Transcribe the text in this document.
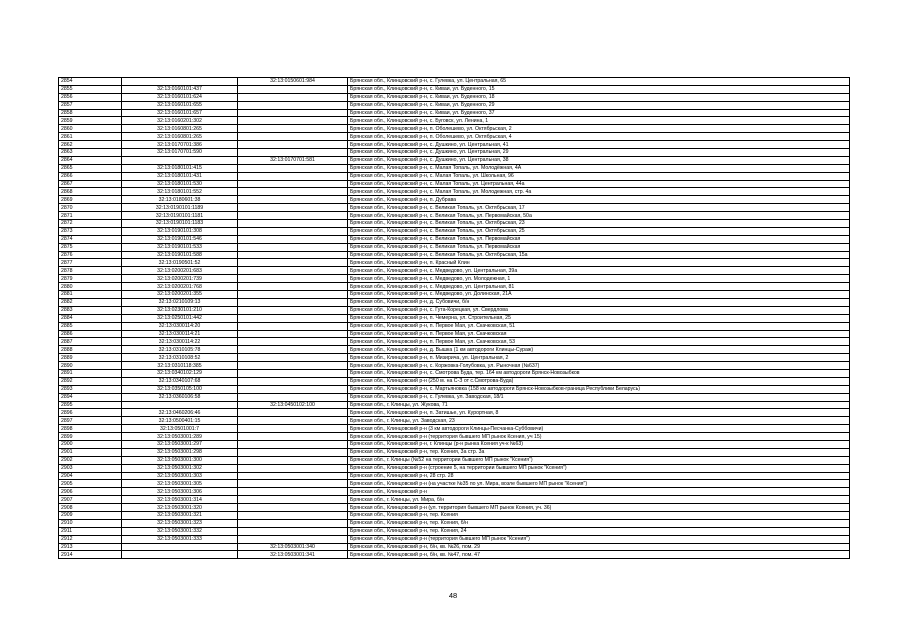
2854		32:13:0150601:984	Брянская обл., Клинцовский р-н, с. Гулевка, ул. Центральная, 65
2855	32:13:0160101:437		Брянская обл., Клинцовский р-н, с. Киваи, ул. Буденного, 15
2856	32:13:0160101:624		Брянская обл., Клинцовский р-н, с. Киваи, ул. Буденного, 18
2857	32:13:0160101:655		Брянская обл., Клинцовский р-н, с. Киваи, ул. Буденного, 29
2858	32:13:0160101:657		Брянская обл., Клинцовский р-н, с. Киваи, ул. Буденного, 37
2859	32:13:0160201:302		Брянская обл., Клинцовский р-н, с. Буговск, ул. Ленина, 1
2860	32:13:0160801:265		Брянская обл., Клинцовский р-н, п. Оболешево, ул. Октябрьская, 2
2861	32:13:0160801:265		Брянская обл., Клинцовский р-н, п. Оболешево, ул. Октябрьская, 4
2862	32:13:0170701:386		Брянская обл., Клинцовский р-н, с. Душкино, ул. Центральная, 41
2863	32:13:0170701:590		Брянская обл., Клинцовский р-н, с. Душкино, ул. Центральная, 29
2864		32:13:0170701:581	Брянская обл., Клинцовский р-н, с. Душкино, ул. Центральная, 38
2865	32:13:0180101:415		Брянская обл., Клинцовский р-н, с. Малая Топаль, ул. Молодёжная, 4А
2866	32:13:0180101:431		Брянская обл., Клинцовский р-н, с. Малая Топаль, ул. Школьная, 96
2867	32:13:0180101:530		Брянская обл., Клинцовский р-н, с. Малая Топаль, ул. Центральная, 44а
2868	32:13:0180101:552		Брянская обл., Клинцовский р-н, с. Малая Топаль, ул. Молодежная, стр. 4а
2869	32:13:0180601:38		Брянская обл., Клинцовский р-н, п. Дубрава
2870	32:13:0190101:1189		Брянская обл., Клинцовский р-н, с. Великая Топаль, ул. Октябрьская, 17
2871	32:13:0190101:1181		Брянская обл., Клинцовский р-н, с. Великая Топаль, ул. Первомайская, 50а
2872	32:13:0190101:1183		Брянская обл., Клинцовский р-н, с. Великая Топаль, ул. Октябрьская, 23
2873	32:13:0190101:308		Брянская обл., Клинцовский р-н, с. Великая Топаль, ул. Октябрьская, 25
2874	32:13:0190101:546		Брянская обл., Клинцовский р-н, с. Великая Топаль, ул. Первомайская
2875	32:13:0190101:533		Брянская обл., Клинцовский р-н, с. Великая Топаль, ул. Первомайская
2876	32:13:0190101:588		Брянская обл., Клинцовский р-н, с. Великая Топаль, ул. Октябрьская, 15а
2877	32:13:0190501:52		Брянская обл., Клинцовский р-н, п. Красный Клин
2878	32:13:0200201:683		Брянская обл., Клинцовский р-н, с. Медведово, ул. Центральная, 39а
2879	32:13:0200201:739		Брянская обл., Клинцовский р-н, с. Медведово, ул. Молодежная, 1
2880	32:13:0200201:768		Брянская обл., Клинцовский р-н, с. Медведово, ул. Центральная, 81
2881	32:13:0200201:355		Брянская обл., Клинцовский р-н, с. Медведово, ул. Долинская, 21А
2882	32:13:0210109:13		Брянская обл., Клинцовский р-н, д. Субовичи, б/н
2883	32:13:0230101:210		Брянская обл., Клинцовский р-н, с. Гута-Корецкая, ул. Свердлова
2884	32:13:0250101:442		Брянская обл., Клинцовский р-н, п. Чемерна, ул. Строительная, 25
2885	32:13:0300114:20		Брянская обл., Клинцовский р-н, п. Первое Мая, ул. Скачковская, 51
2886	32:13:0300114:21		Брянская обл., Клинцовский р-н, п. Первое Мая, ул. Скачковская
2887	32:13:0300114:22		Брянская обл., Клинцовский р-н, п. Первое Мая, ул. Скачковская, 53
2888	32:13:0310105:78		Брянская обл., Клинцовский р-н, д. Вышка (1 км автодороги Клинцы-Сураж)
2889	32:13:0310108:52		Брянская обл., Клинцовский р-н, п. Мизирича, ул. Центральная, 2
2890	32:13:0310118:385		Брянская обл., Клинцовский р-н, с. Коржовка-Голубовка, ул. Рыночная (№637)
2891	32:13:0340102:129		Брянская обл., Клинцовский р-н, с. Смотрова Буда, тер. 164 км автодороги Брянск-Новозыбков
2892	32:13:0340107:68		Брянская обл., Клинцовский р-н (250 м. на С-З от с.Смотрова-Буда)
2893	32:13:0350105:100		Брянская обл., Клинцовский р-н, с. Мартьяновка (158 км автодороги Брянск-Новозыбков-граница Республики Беларусь)
2894	32:13:0360106:58		Брянская обл., Клинцовский р-н, с. Гулевка, ул. Заводская, 18/1
2895		32:13:0450102:100	Брянская обл., г. Клинцы, ул. Жукова, 71
2896	32:13:0460206:46		Брянская обл., Клинцовский р-н, п. Затишье, ул. Курортная, 8
2897	32:13:0500401:15		Брянская обл., г. Клинцы, ул. Заводская, 23
2898	32:13:0501001:7		Брянская обл., Клинцовский р-н (3 км автодороги Клинцы-Песчанка-Суббовичи)
2899	32:13:0503001:289		Брянская обл., Клинцовский р-н (территория бывшего МП рынок Ксения, уч 15)
2900	32:13:0503001:297		Брянская обл., Клинцовский р-н, г. Клинцы (р-н рынка Ксения уч-к №63)
2901	32:13:0503001:298		Брянская обл., Клинцовский р-н, тер. Ксения, 3а стр. 3а
2902	32:13:0503001:300		Брянская обл., г. Клинцы (№52 на территории бывшего МП рынок "Ксения")
2903	32:13:0503001:302		Брянская обл., Клинцовский р-н (строение 5, на территории бывшего МП рынок "Ксения")
2904	32:13:0503001:303		Брянская обл., Клинцовский р-н, 28 стр. 28
2905	32:13:0503001:305		Брянская обл., Клинцовский р-н (на участке №35 по ул. Мира, возле бывшего МП рынок "Ксения")
2906	32:13:0503001:306		Брянская обл., Клинцовский р-н
2907	32:13:0503001:314		Брянская обл., г. Клинцы, ул. Мира, б/н
2908	32:13:0503001:320		Брянская обл., Клинцовский р-н (ул. территория бывшего МП рынок Ксения, уч. 36)
2909	32:13:0503001:321		Брянская обл., Клинцовский р-н, тер. Ксения
2910	32:13:0503001:323		Брянская обл., Клинцовский р-н, тер. Ксения, б/н
2911	32:13:0503001:332		Брянская обл., Клинцовский р-н, тер. Ксения, 24
2912	32:13:0503001:333		Брянская обл., Клинцовский р-н (территория бывшего МП рынок "Ксения")
2913		32:13:0503001:340	Брянская обл., Клинцовский р-н, б/н, кв. №26, пом. 29
2914		32:13:0503001:341	Брянская обл., Клинцовский р-н, б/н, кв. №47, пом. 47
48
